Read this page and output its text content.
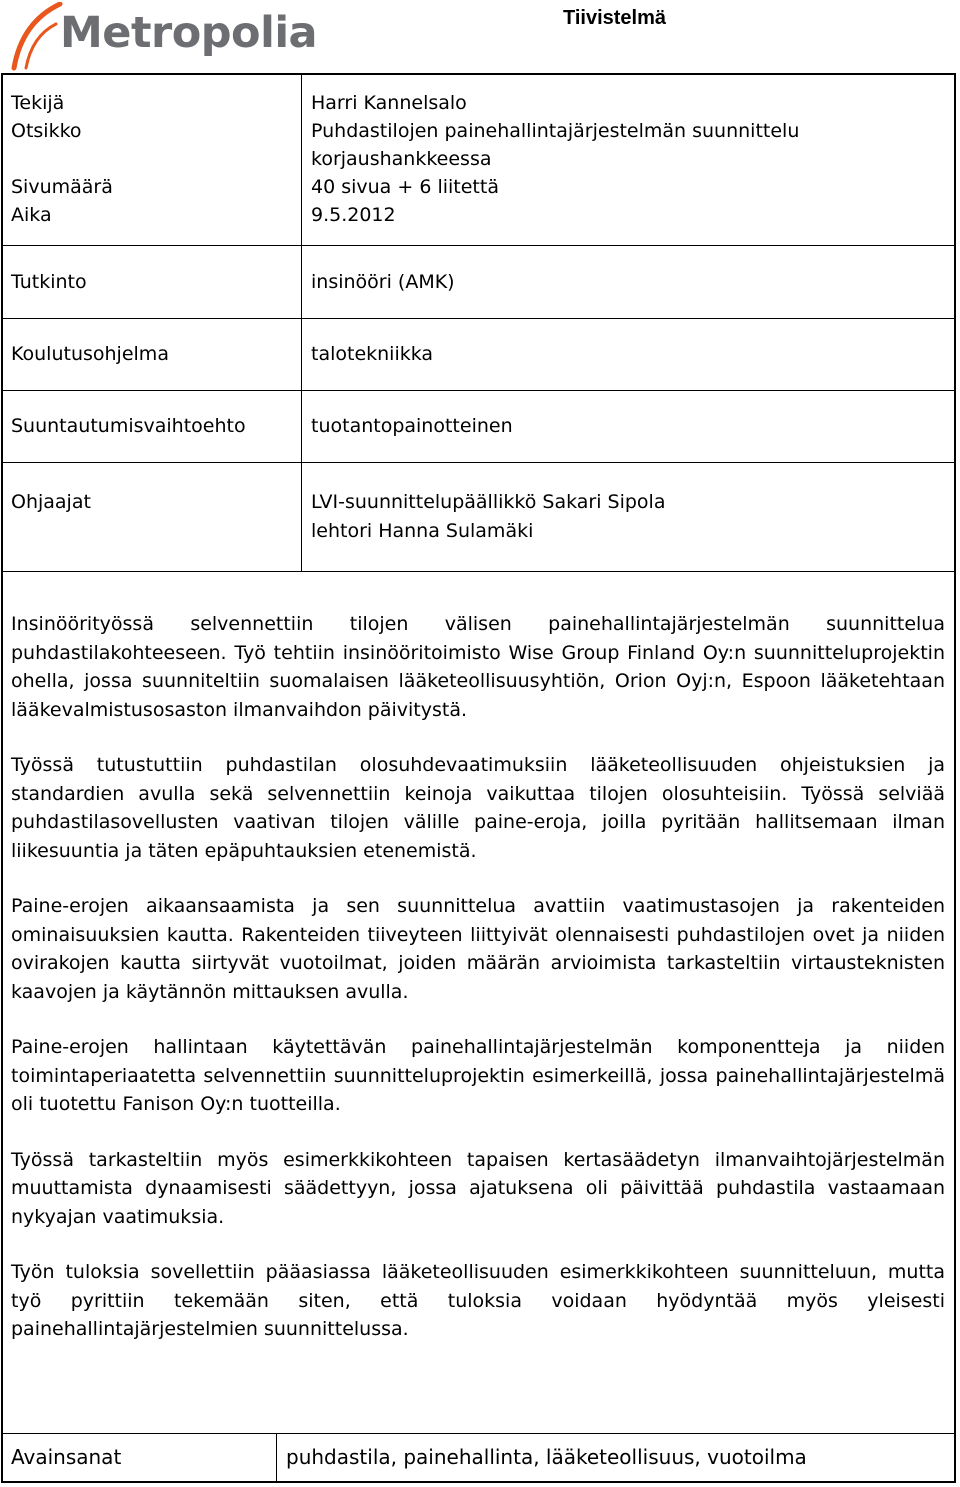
Metropolia	Tiivistelmä
Tekijä	Harri Kannelsalo
Otsikko	Puhdastilojen painehallintajärjestelmän suunnittelu
korjaushankkeessa
Sivumäärä	40 sivua + 6 liitettä
Aika	9.5.2012
Tutkinto	insinööri (AMK)
Koulutusohjelma	talotekniikka
Suuntautumisvaihtoehto	tuotantopainotteinen
Ohjaajat	LVI-suunnittelupäällikkö Sakari Sipola
lehtori Hanna Sulamäki

Insinöörityössä selvennettiin tilojen välisen painehallintajärjestelmän suunnittelua puhdastilakohteeseen. Työ tehtiin insinööritoimisto Wise Group Finland Oy:n suunnitteluprojektin ohella, jossa suunniteltiin suomalaisen lääketeollisuusyhtiön, Orion Oyj:n, Espoon lääketehtaan lääkevalmistusosaston ilmanvaihdon päivitystä.

Työssä tutustuttiin puhdastilan olosuhdevaatimuksiin lääketeollisuuden ohjeistuksien ja standardien avulla sekä selvennettiin keinoja vaikuttaa tilojen olosuhteisiin. Työssä selviää puhdastilasovellusten vaativan tilojen välille paine-eroja, joilla pyritään hallitsemaan ilman liikesuuntia ja täten epäpuhtauksien etenemistä.

Paine-erojen aikaansaamista ja sen suunnittelua avattiin vaatimustasojen ja rakenteiden ominaisuuksien kautta. Rakenteiden tiiveyteen liittyivät olennaisesti puhdastilojen ovet ja niiden ovirakojen kautta siirtyvät vuotoilmat, joiden määrän arvioimista tarkasteltiin virtausteknisten kaavojen ja käytännön mittauksen avulla.

Paine-erojen hallintaan käytettävän painehallintajärjestelmän komponentteja ja niiden toimintaperiaatetta selvennettiin suunnitteluprojektin esimerkeillä, jossa painehallintajärjestelmä oli tuotettu Fanison Oy:n tuotteilla.

Työssä tarkasteltiin myös esimerkkikohteen tapaisen kertasäädetyn ilmanvaihtojärjestelmän muuttamista dynaamisesti säädettyyn, jossa ajatuksena oli päivittää puhdastila vastaamaan nykyajan vaatimuksia.

Työn tuloksia sovellettiin pääasiassa lääketeollisuuden esimerkkikohteen suunnitteluun, mutta työ pyrittiin tekemään siten, että tuloksia voidaan hyödyntää myös yleisesti painehallintajärjestelmien suunnittelussa.

Avainsanat	puhdastila, painehallinta, lääketeollisuus, vuotoilma
